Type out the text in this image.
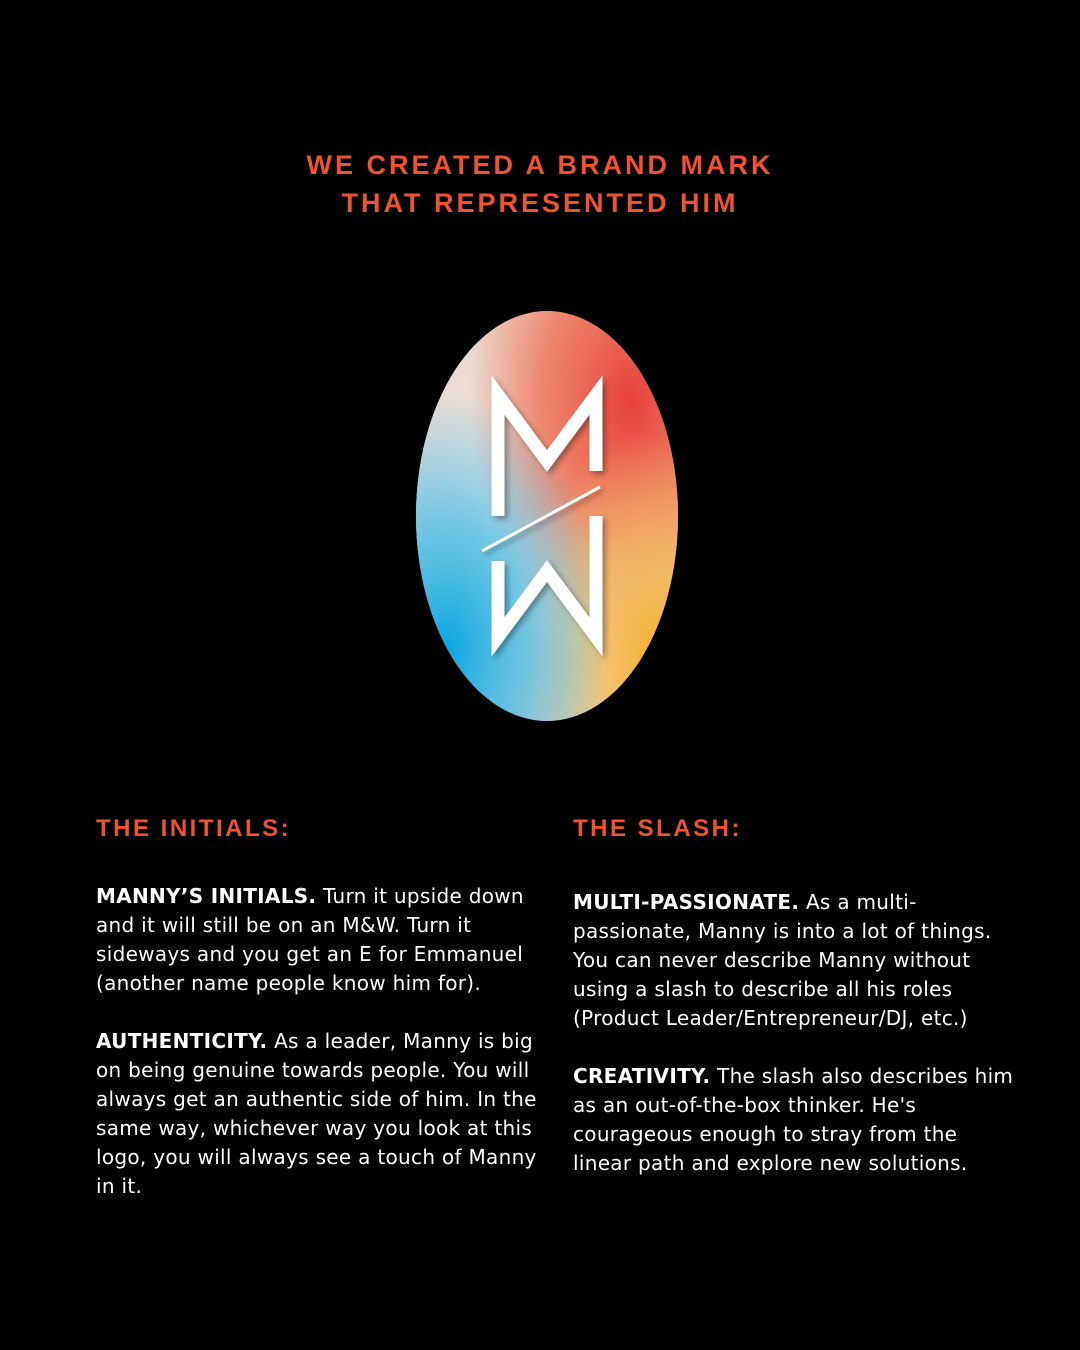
WE CREATED A BRAND MARK
THAT REPRESENTED HIM
THE INITIALS:

MANNY’S INITIALS. Turn it upside down and it will still be on an M&W. Turn it sideways and you get an E for Emmanuel (another name people know him for).

AUTHENTICITY. As a leader, Manny is big on being genuine towards people. You will always get an authentic side of him. In the same way, whichever way you look at this logo, you will always see a touch of Manny in it.

THE SLASH:

MULTI-PASSIONATE. As a multi-passionate, Manny is into a lot of things. You can never describe Manny without using a slash to describe all his roles (Product Leader/Entrepreneur/DJ, etc.)

CREATIVITY. The slash also describes him as an out-of-the-box thinker. He's courageous enough to stray from the linear path and explore new solutions.
